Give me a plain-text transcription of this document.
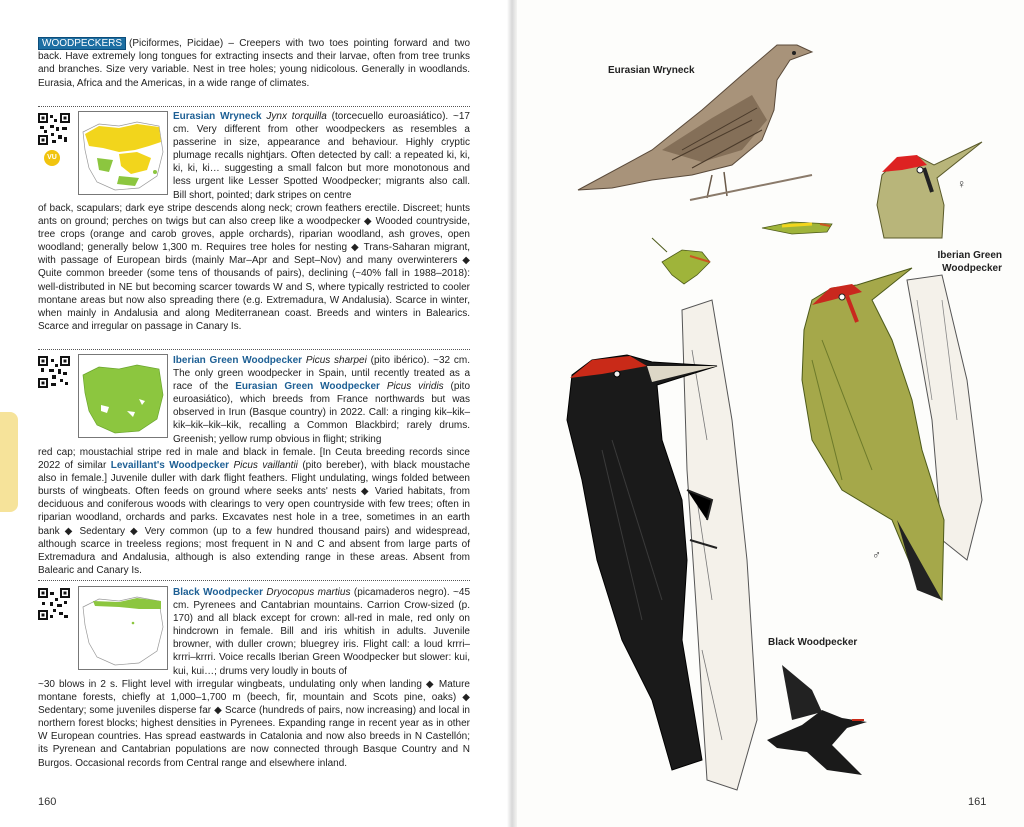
WOODPECKERS (Piciformes, Picidae) – Creepers with two toes pointing forward and two back. Have extremely long tongues for extracting insects and their larvae, often from tree trunks and branches. Size very variable. Nest in tree holes; young nidicolous. Generally in woodlands. Eurasia, Africa and the Americas, in a wide range of climates.
VU
Eurasian Wryneck Jynx torquilla (torcecuello euroasiático). ~17 cm. Very different from other woodpeckers as resembles a passerine in size, appearance and behaviour. Highly cryptic plumage recalls nightjars. Often detected by call: a repeated ki, ki, ki, ki, ki… suggesting a small falcon but more monotonous and less urgent like Lesser Spotted Woodpecker; migrants also call. Bill short, pointed; dark stripes on centre
of back, scapulars; dark eye stripe descends along neck; crown feathers erectile. Discreet; hunts ants on ground; perches on twigs but can also creep like a woodpecker ◆ Wooded countryside, tree crops (orange and carob groves, apple orchards), riparian woodland, ash groves, open woodland; generally below 1,300 m. Requires tree holes for nesting ◆ Trans-Saharan migrant, with passage of European birds (mainly Mar–Apr and Sept–Nov) and many overwinterers ◆ Quite common breeder (some tens of thousands of pairs), declining (~40% fall in 1988–2018): well-distributed in NE but becoming scarcer towards W and S, where typically restricted to cooler montane areas but now also spreading there (e.g. Extremadura, W Andalusia). Scarce in winter, when mainly in Andalusia and along Mediterranean coast. Breeds and winters in Balearics. Scarce and irregular on passage in Canary Is.
Iberian Green Woodpecker Picus sharpei (pito ibérico). ~32 cm. The only green woodpecker in Spain, until recently treated as a race of the Eurasian Green Woodpecker Picus viridis (pito euroasiático), which breeds from France northwards but was observed in Irun (Basque country) in 2022. Call: a ringing kik–kik–kik–kik–kik–kik, recalling a Common Blackbird; rarely drums. Greenish; yellow rump obvious in flight; striking
red cap; moustachial stripe red in male and black in female. [In Ceuta breeding records since 2022 of similar Levaillant's Woodpecker Picus vaillantii (pito bereber), with black moustache also in female.] Juvenile duller with dark flight feathers. Flight undulating, wings folded between bursts of wingbeats. Often feeds on ground where seeks ants' nests ◆ Varied habitats, from deciduous and coniferous woods with clearings to very open countryside with few trees; often in riparian woodland, orchards and parks. Excavates nest hole in a tree, sometimes in an earth bank ◆ Sedentary ◆ Very common (up to a few hundred thousand pairs) and widespread, although scarce in treeless regions; most frequent in N and C and absent from large parts of Extremadura and Andalusia, although is also extending range in these areas. Absent from Balearic and Canary Is.
Black Woodpecker Dryocopus martius (picamaderos negro). ~45 cm. Pyrenees and Cantabrian mountains. Carrion Crow-sized (p. 170) and all black except for crown: all-red in male, red only on hindcrown in female. Bill and iris whitish in adults. Juvenile browner, with duller crown; bluegrey iris. Flight call: a loud krrri–krrri–krrri. Voice recalls Iberian Green Woodpecker but slower: kui, kui, kui…; drums very loudly in bouts of
~30 blows in 2 s. Flight level with irregular wingbeats, undulating only when landing ◆ Mature montane forests, chiefly at 1,000–1,700 m (beech, fir, mountain and Scots pine, oaks) ◆ Sedentary; some juveniles disperse far ◆ Scarce (hundreds of pairs, now increasing) and local in northern forest blocks; highest densities in Pyrenees. Expanding range in recent year as in other W European countries. Has spread eastwards in Catalonia and now also breeds in N Castellón; its Pyrenean and Cantabrian populations are now connected through Basque Country and N Burgos. Occasional records from Central range and elsewhere inland.
160
Eurasian Wryneck
Iberian Green Woodpecker
Black Woodpecker
♀
♂
161
